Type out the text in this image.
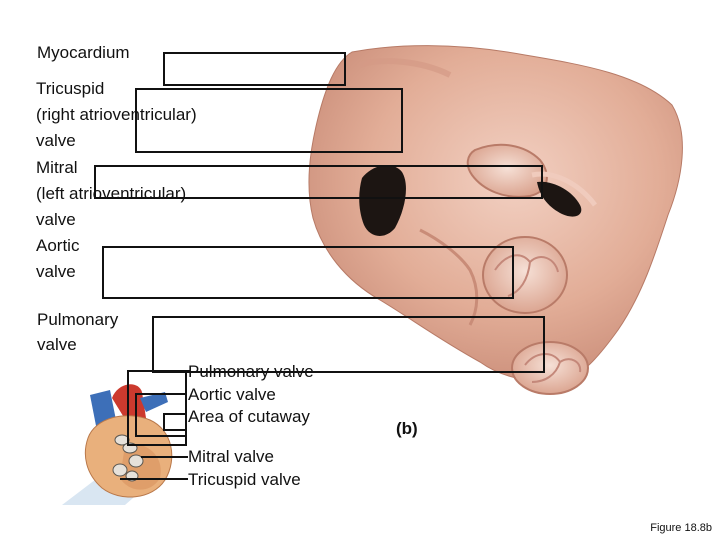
Myocardium
Tricuspid
(right atrioventricular)
valve
Mitral
(left atrioventricular)
valve
Aortic
valve
Pulmonary
valve
Pulmonary valve
Aortic valve
Area of cutaway
Mitral valve
Tricuspid valve
(b)
Figure 18.8b
